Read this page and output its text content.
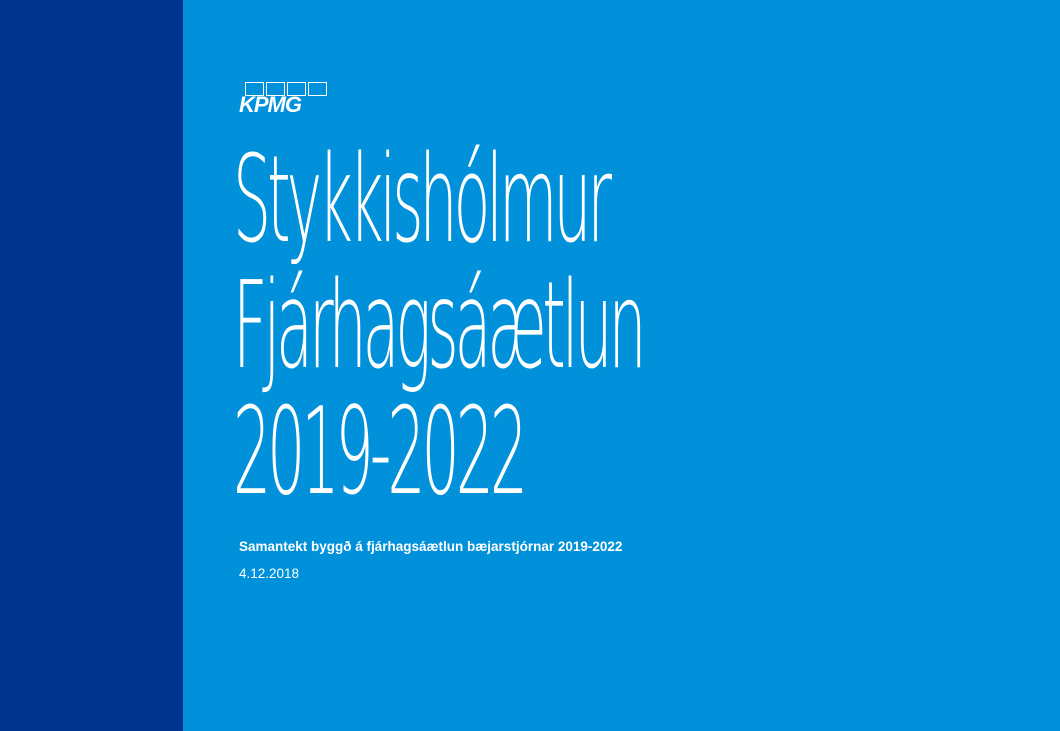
KPMG
Stykkishólmur
Fjárhagsáætlun
2019-2022
Samantekt byggð á fjárhagsáætlun bæjarstjórnar 2019-2022
4.12.2018
